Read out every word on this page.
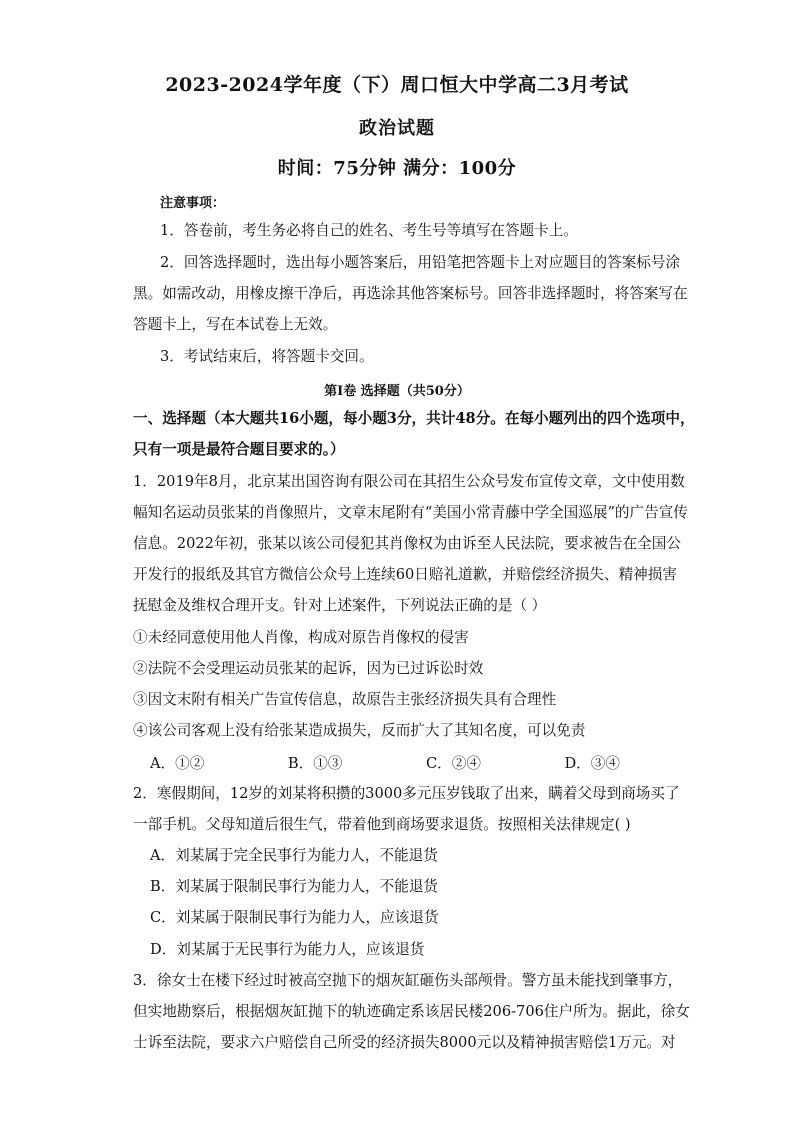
2023-2024学年度（下）周口恒大中学高二3月考试
政治试题
时间：75分钟 满分：100分
注意事项：
1．答卷前，考生务必将自己的姓名、考生号等填写在答题卡上。
2．回答选择题时，选出每小题答案后，用铅笔把答题卡上对应题目的答案标号涂
黑。如需改动，用橡皮擦干净后，再选涂其他答案标号。回答非选择题时，将答案写在
答题卡上，写在本试卷上无效。
3．考试结束后，将答题卡交回。
第Ⅰ卷 选择题（共50分）
一、选择题（本大题共16小题，每小题3分，共计48分。在每小题列出的四个选项中，
只有一项是最符合题目要求的。）
1．2019年8月，北京某出国咨询有限公司在其招生公众号发布宣传文章，文中使用数
幅知名运动员张某的肖像照片，文章末尾附有“美国小常青藤中学全国巡展”的广告宣传
信息。2022年初，张某以该公司侵犯其肖像权为由诉至人民法院，要求被告在全国公
开发行的报纸及其官方微信公众号上连续60日赔礼道歉，并赔偿经济损失、精神损害
抚慰金及维权合理开支。针对上述案件，下列说法正确的是（ ）
①未经同意使用他人肖像，构成对原告肖像权的侵害
②法院不会受理运动员张某的起诉，因为已过诉讼时效
③因文末附有相关广告宣传信息，故原告主张经济损失具有合理性
④该公司客观上没有给张某造成损失，反而扩大了其知名度，可以免责
A．①②	B．①③	C．②④	D．③④
2．寒假期间，12岁的刘某将积攒的3000多元压岁钱取了出来，瞒着父母到商场买了
一部手机。父母知道后很生气，带着他到商场要求退货。按照相关法律规定( )
A．刘某属于完全民事行为能力人，不能退货
B．刘某属于限制民事行为能力人，不能退货
C．刘某属于限制民事行为能力人，应该退货
D．刘某属于无民事行为能力人，应该退货
3．徐女士在楼下经过时被高空抛下的烟灰缸砸伤头部颅骨。警方虽未能找到肇事方，
但实地勘察后，根据烟灰缸抛下的轨迹确定系该居民楼206-706住户所为。据此，徐女
士诉至法院，要求六户赔偿自己所受的经济损失8000元以及精神损害赔偿1万元。对
